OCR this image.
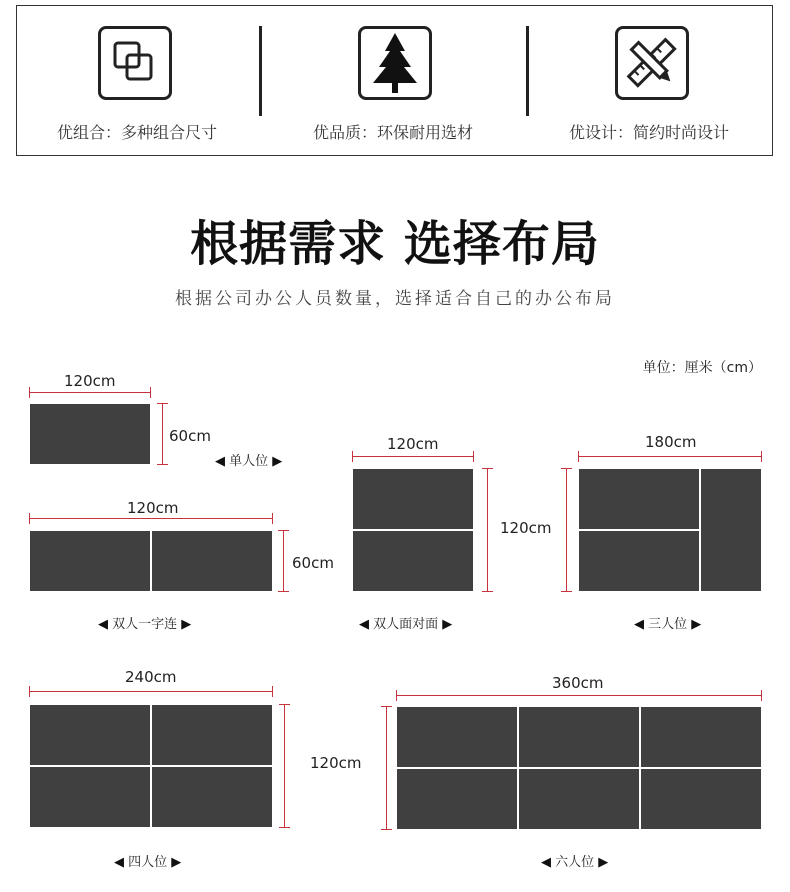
优组合：多种组合尺寸	优品质：环保耐用选材	优设计：简约时尚设计
根据需求 选择布局
根据公司办公人员数量，选择适合自己的办公布局
单位：厘米（cm）
120cm
60cm
◀ 单人位 ▶
120cm
60cm
◀ 双人一字连 ▶
120cm
120cm
◀ 双人面对面 ▶
180cm
◀ 三人位 ▶
240cm
120cm
◀ 四人位 ▶
360cm
◀ 六人位 ▶
